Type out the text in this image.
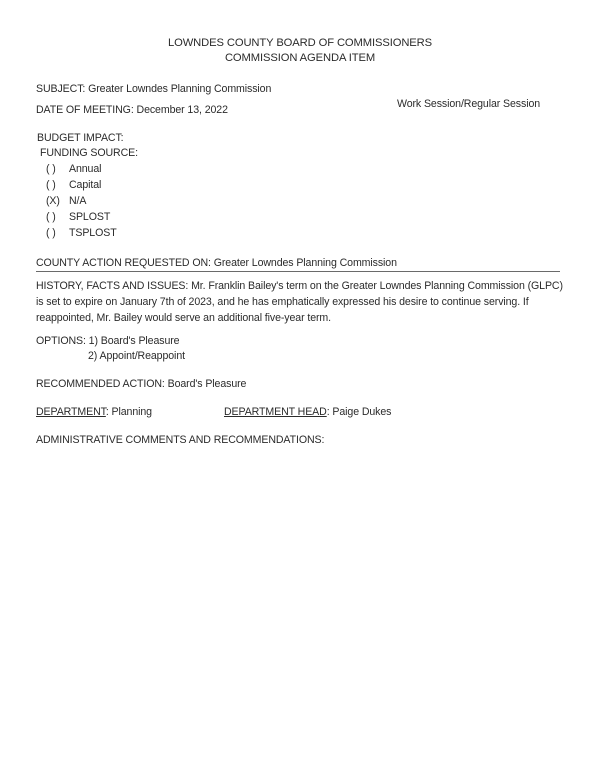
LOWNDES COUNTY BOARD OF COMMISSIONERS
COMMISSION AGENDA ITEM
SUBJECT: Greater Lowndes Planning Commission
DATE OF MEETING: December 13, 2022	Work Session/Regular Session
BUDGET IMPACT:
FUNDING SOURCE:
( ) Annual
( ) Capital
(X) N/A
( ) SPLOST
( ) TSPLOST
COUNTY ACTION REQUESTED ON: Greater Lowndes Planning Commission
HISTORY, FACTS AND ISSUES: Mr. Franklin Bailey's term on the Greater Lowndes Planning Commission (GLPC) is set to expire on January 7th of 2023, and he has emphatically expressed his desire to continue serving. If reappointed, Mr. Bailey would serve an additional five-year term.
OPTIONS: 1) Board's Pleasure
2) Appoint/Reappoint
RECOMMENDED ACTION: Board's Pleasure
DEPARTMENT: Planning	DEPARTMENT HEAD: Paige Dukes
ADMINISTRATIVE COMMENTS AND RECOMMENDATIONS:
